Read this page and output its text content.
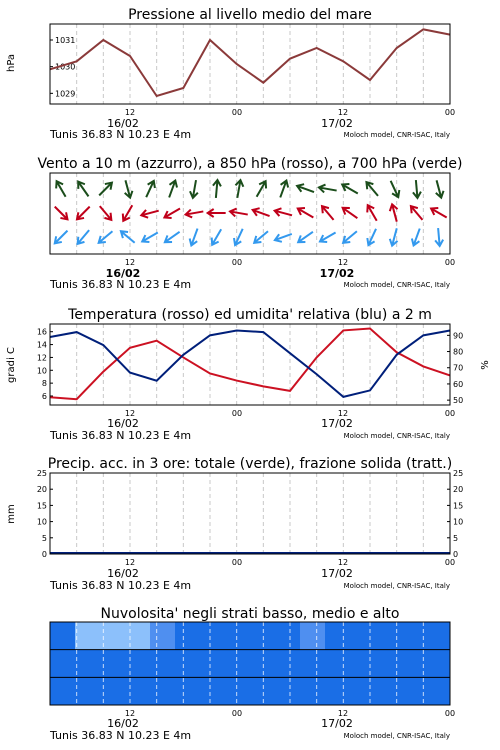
Pressione al livello medio del mare
hPa
12	00	12	00
1029
1030
1031
16/02	17/02
Tunis 36.83 N 10.23 E 4m	Moloch model, CNR-ISAC, Italy
Vento a 10 m (azzurro), a 850 hPa (rosso), a 700 hPa (verde)
12	00	12	00
16/02	17/02
Tunis 36.83 N 10.23 E 4m	Moloch model, CNR-ISAC, Italy
Temperatura (rosso) ed umidita' relativa (blu) a 2 m
gradi C	%
12	00	12	00
6
8
10
12
14
16
50
60
70
80
90
16/02	17/02
Tunis 36.83 N 10.23 E 4m	Moloch model, CNR-ISAC, Italy
Precip. acc. in 3 ore: totale (verde), frazione solida (tratt.)
mm
12	00	12	00
0	0
5	5
10	10
15	15
20	20
25	25
16/02	17/02
Tunis 36.83 N 10.23 E 4m	Moloch model, CNR-ISAC, Italy
Nuvolosita' negli strati basso, medio e alto
12	00	12	00
16/02	17/02
Tunis 36.83 N 10.23 E 4m	Moloch model, CNR-ISAC, Italy
